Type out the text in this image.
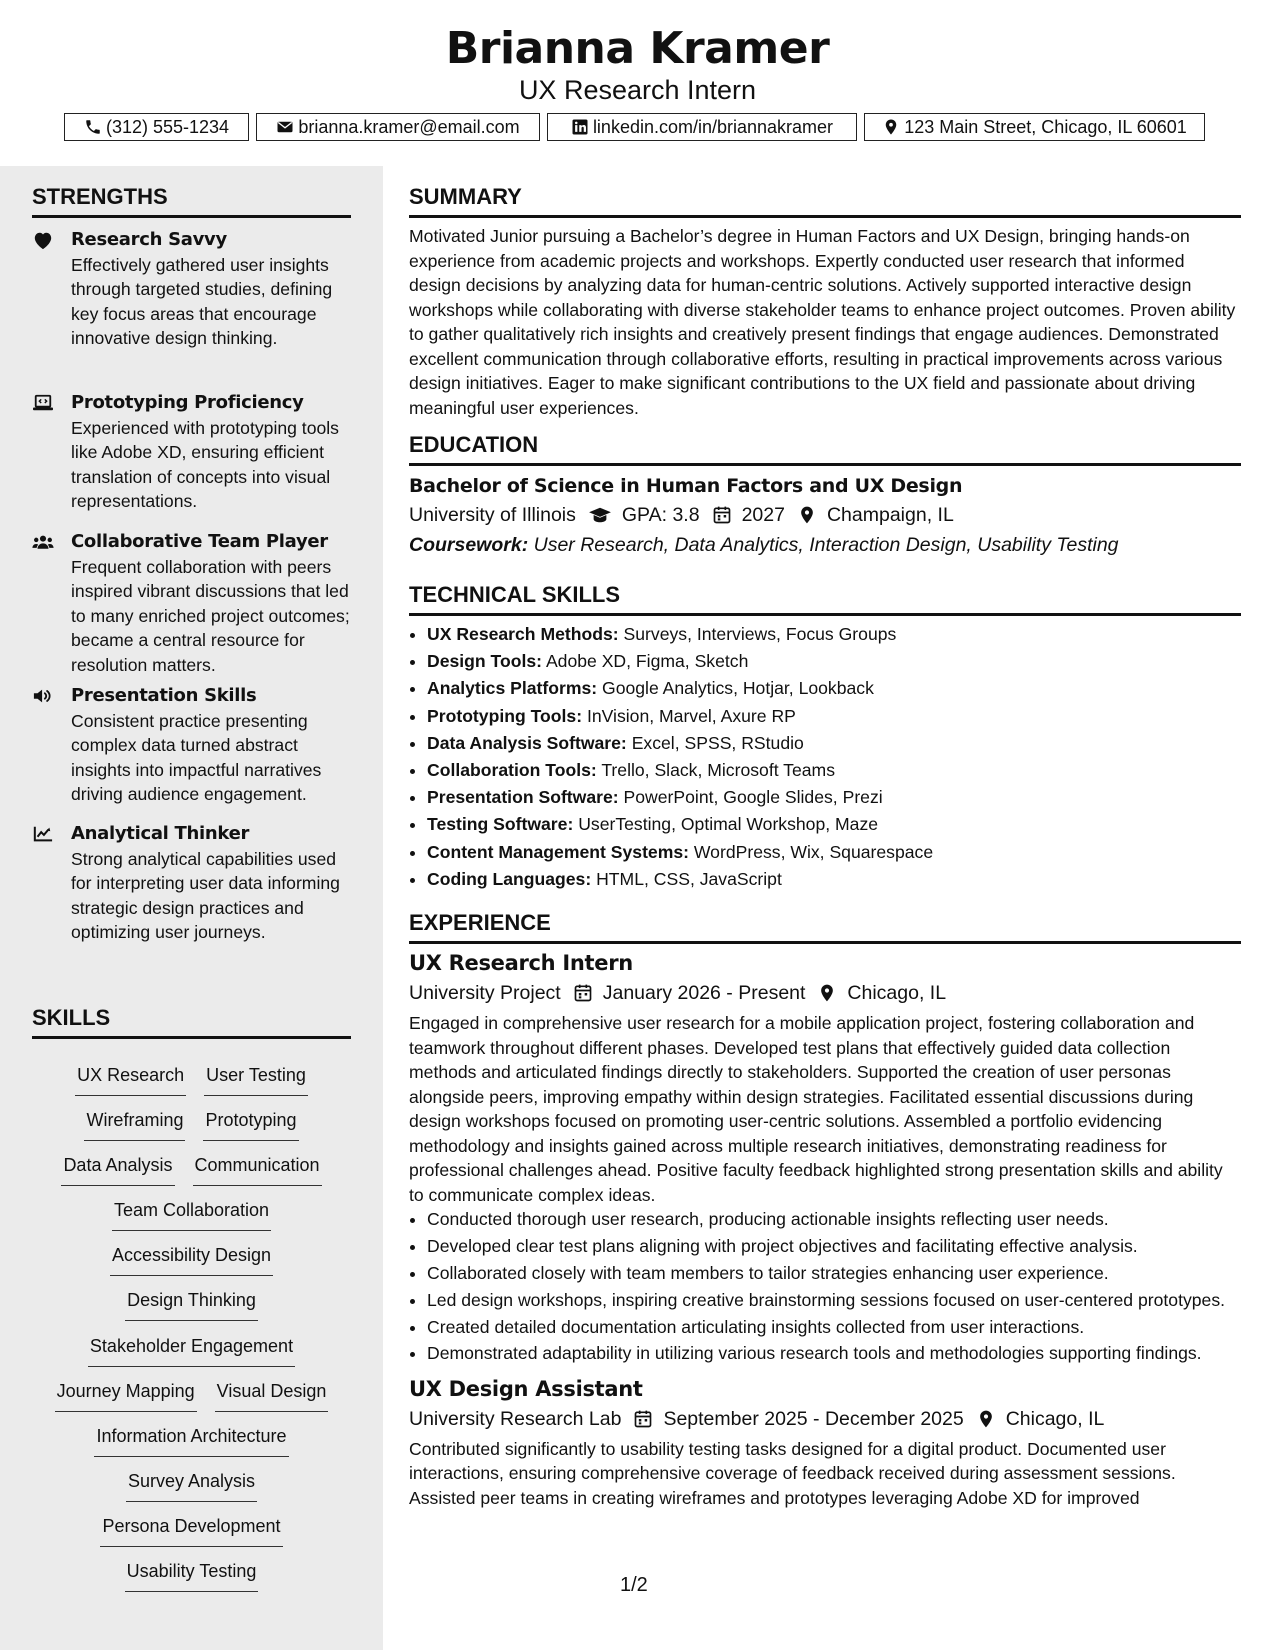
Brianna Kramer
UX Research Intern
(312) 555-1234	brianna.kramer@email.com	linkedin.com/in/briannakramer	123 Main Street, Chicago, IL 60601
STRENGTHS
Research Savvy
Effectively gathered user insights through targeted studies, defining key focus areas that encourage innovative design thinking.
Prototyping Proficiency
Experienced with prototyping tools like Adobe XD, ensuring efficient translation of concepts into visual representations.
Collaborative Team Player
Frequent collaboration with peers inspired vibrant discussions that led to many enriched project outcomes; became a central resource for resolution matters.
Presentation Skills
Consistent practice presenting complex data turned abstract insights into impactful narratives driving audience engagement.
Analytical Thinker
Strong analytical capabilities used for interpreting user data informing strategic design practices and optimizing user journeys.
SKILLS
UX Research User Testing
Wireframing Prototyping
Data Analysis Communication
Team Collaboration
Accessibility Design
Design Thinking
Stakeholder Engagement
Journey Mapping Visual Design
Information Architecture
Survey Analysis
Persona Development
Usability Testing
SUMMARY

Motivated Junior pursuing a Bachelor’s degree in Human Factors and UX Design, bringing hands-on experience from academic projects and workshops. Expertly conducted user research that informed design decisions by analyzing data for human-centric solutions. Actively supported interactive design workshops while collaborating with diverse stakeholder teams to enhance project outcomes. Proven ability to gather qualitatively rich insights and creatively present findings that engage audiences. Demonstrated excellent communication through collaborative efforts, resulting in practical improvements across various design initiatives. Eager to make significant contributions to the UX field and passionate about driving meaningful user experiences.

EDUCATION
Bachelor of Science in Human Factors and UX Design
University of Illinois GPA: 3.8 2027 Champaign, IL
Coursework: User Research, Data Analytics, Interaction Design, Usability Testing
TECHNICAL SKILLS
• UX Research Methods: Surveys, Interviews, Focus Groups
• Design Tools: Adobe XD, Figma, Sketch
• Analytics Platforms: Google Analytics, Hotjar, Lookback
• Prototyping Tools: InVision, Marvel, Axure RP
• Data Analysis Software: Excel, SPSS, RStudio
• Collaboration Tools: Trello, Slack, Microsoft Teams
• Presentation Software: PowerPoint, Google Slides, Prezi
• Testing Software: UserTesting, Optimal Workshop, Maze
• Content Management Systems: WordPress, Wix, Squarespace
• Coding Languages: HTML, CSS, JavaScript
EXPERIENCE
UX Research Intern
University Project January 2026 - Present Chicago, IL

Engaged in comprehensive user research for a mobile application project, fostering collaboration and teamwork throughout different phases. Developed test plans that effectively guided data collection methods and articulated findings directly to stakeholders. Supported the creation of user personas alongside peers, improving empathy within design strategies. Facilitated essential discussions during design workshops focused on promoting user-centric solutions. Assembled a portfolio evidencing methodology and insights gained across multiple research initiatives, demonstrating readiness for professional challenges ahead. Positive faculty feedback highlighted strong presentation skills and ability to communicate complex ideas.

• Conducted thorough user research, producing actionable insights reflecting user needs.
• Developed clear test plans aligning with project objectives and facilitating effective analysis.
• Collaborated closely with team members to tailor strategies enhancing user experience.
• Led design workshops, inspiring creative brainstorming sessions focused on user-centered prototypes.
• Created detailed documentation articulating insights collected from user interactions.
• Demonstrated adaptability in utilizing various research tools and methodologies supporting findings.
UX Design Assistant
University Research Lab September 2025 - December 2025 Chicago, IL

Contributed significantly to usability testing tasks designed for a digital product. Documented user interactions, ensuring comprehensive coverage of feedback received during assessment sessions. Assisted peer teams in creating wireframes and prototypes leveraging Adobe XD for improved

1/2
